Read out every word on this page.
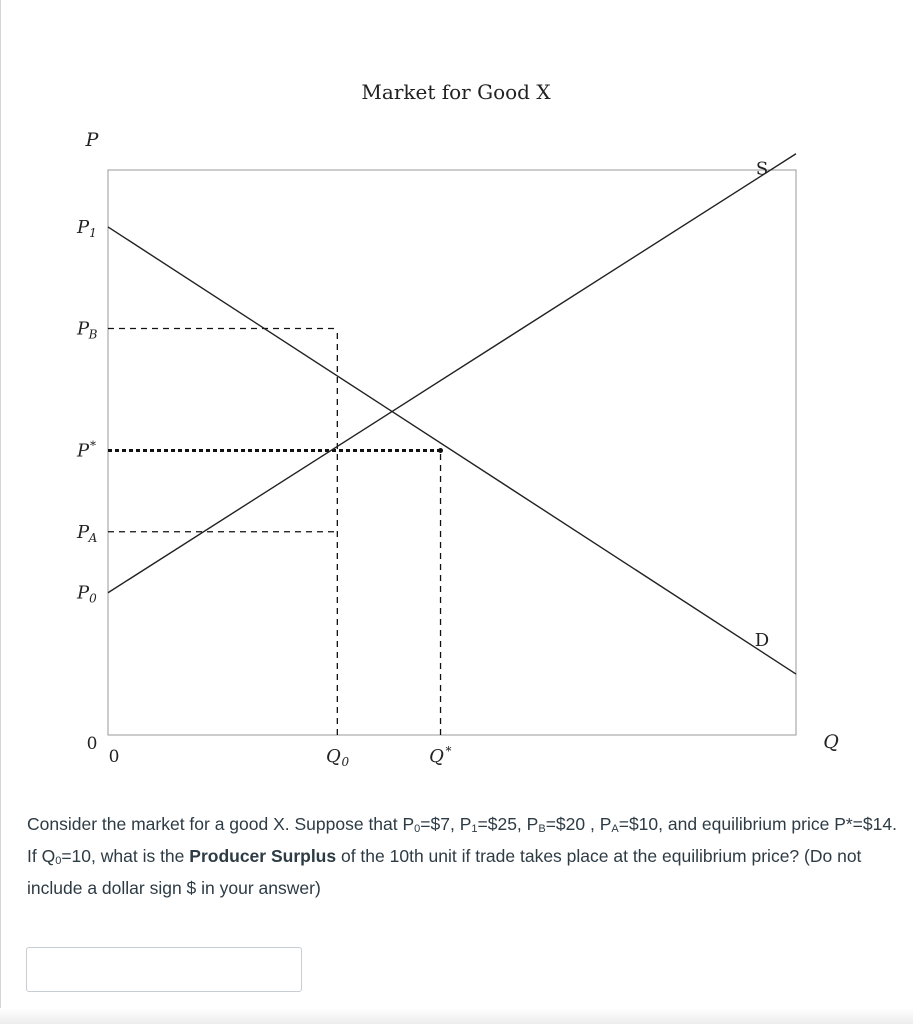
Market for Good X
P
Q
S
D
P 1
P B
P *
P A
P 0
Q 0	Q *
0
0
Consider the market for a good X. Suppose that $P_0=\$7$, $P_1=\$25$, $P_B=\$20$ , $P_A=\$10$, and equilibrium price P*=$14. If $Q_0=10$, what is the Producer Surplus of the 10th unit if trade takes place at the equilibrium price? (Do not include a dollar sign $ in your answer)
